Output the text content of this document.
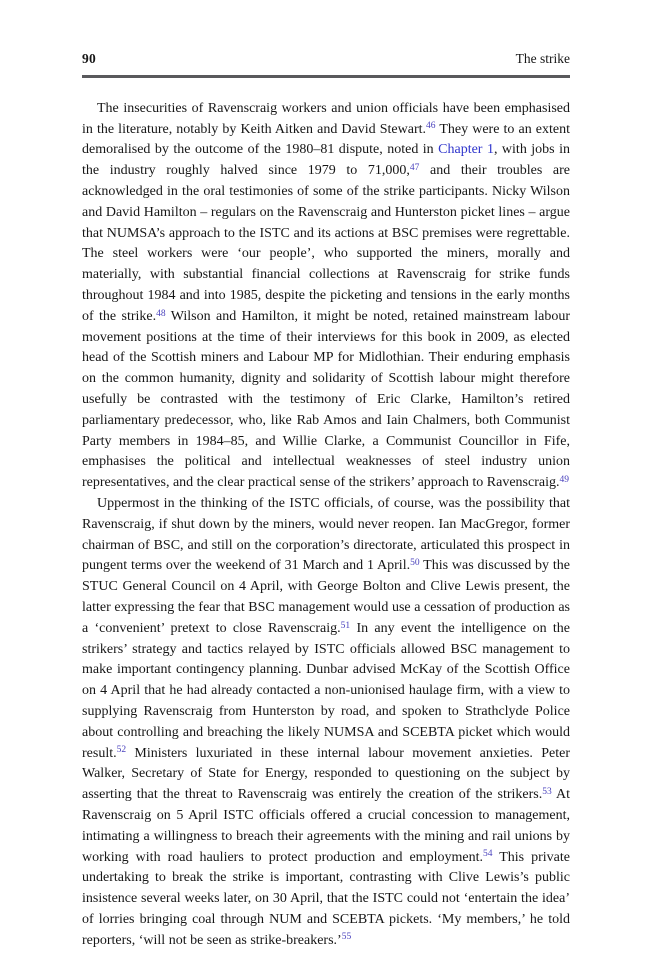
90	The strike

The insecurities of Ravenscraig workers and union officials have been emphasised in the literature, notably by Keith Aitken and David Stewart.$^{46}$ They were to an extent demoralised by the outcome of the 1980–81 dispute, noted in Chapter 1, with jobs in the industry roughly halved since 1979 to 71,000,47 and their troubles are acknowledged in the oral testimonies of some of the strike participants. Nicky Wilson and David Hamilton – regulars on the Ravenscraig and Hunterston picket lines – argue that NUMSA’s approach to the ISTC and its actions at BSC premises were regrettable. The steel workers were ‘our people’, who supported the miners, morally and materially, with substantial financial collections at Ravenscraig for strike funds throughout 1984 and into 1985, despite the picketing and tensions in the early months of the strike.$^{48}$ Wilson and Hamilton, it might be noted, retained mainstream labour movement positions at the time of their interviews for this book in 2009, as elected head of the Scottish miners and Labour MP for Midlothian. Their enduring emphasis on the common humanity, dignity and solidarity of Scottish labour might therefore usefully be contrasted with the testimony of Eric Clarke, Hamilton’s retired parliamentary predecessor, who, like Rab Amos and Iain Chalmers, both Communist Party members in 1984–85, and Willie Clarke, a Communist Councillor in Fife, emphasises the political and intellectual weaknesses of steel industry union representatives, and the clear practical sense of the strikers’ approach to Ravenscraig.$^{49}$

Uppermost in the thinking of the ISTC officials, of course, was the possibility that Ravenscraig, if shut down by the miners, would never reopen. Ian MacGregor, former chairman of BSC, and still on the corporation’s directorate, articulated this prospect in pungent terms over the weekend of 31 March and 1 April.$^{50}$ This was discussed by the STUC General Council on 4 April, with George Bolton and Clive Lewis present, the latter expressing the fear that BSC management would use a cessation of production as a ‘convenient’ pretext to close Ravenscraig.$^{51}$ In any event the intelligence on the strikers’ strategy and tactics relayed by ISTC officials allowed BSC management to make important contingency planning. Dunbar advised McKay of the Scottish Office on 4 April that he had already contacted a non-unionised haulage firm, with a view to supplying Ravenscraig from Hunterston by road, and spoken to Strathclyde Police about controlling and breaching the likely NUMSA and SCEBTA picket which would result.$^{52}$ Ministers luxuriated in these internal labour movement anxieties. Peter Walker, Secretary of State for Energy, responded to questioning on the subject by asserting that the threat to Ravenscraig was entirely the creation of the strikers.$^{53}$ At Ravenscraig on 5 April ISTC officials offered a crucial concession to management, intimating a willingness to breach their agreements with the mining and rail unions by working with road hauliers to protect production and employment.$^{54}$ This private undertaking to break the strike is important, contrasting with Clive Lewis’s public insistence several weeks later, on 30 April, that the ISTC could not ‘entertain the idea’ of lorries bringing coal through NUM and SCEBTA pickets. ‘My members,’ he told reporters, ‘will not be seen as strike-breakers.’$^{55}$
